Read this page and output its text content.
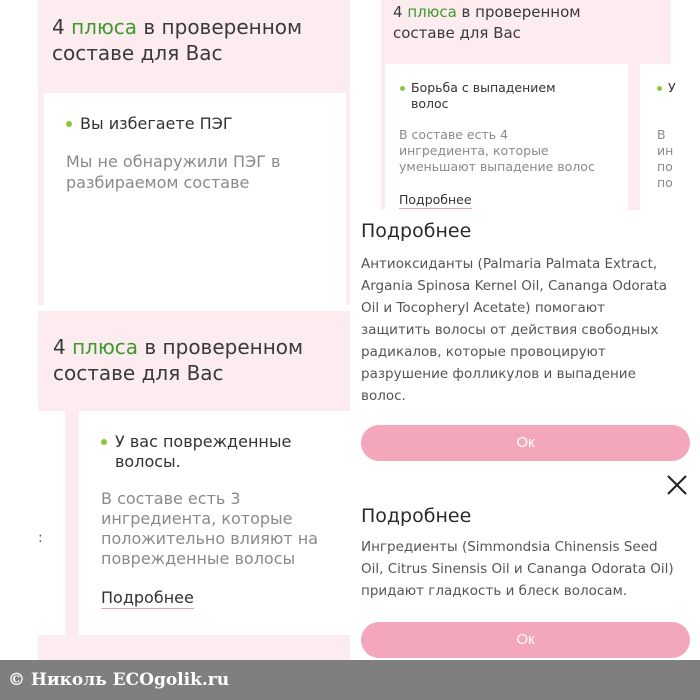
4 плюса в проверенном
составе для Вас
Вы избегаете ПЭГ
Мы не обнаружили ПЭГ в
разбираемом составе
4 плюса в проверенном
составе для Вас
:
У вас поврежденные
волосы.
В составе есть 3
ингредиента, которые
положительно влияют на
поврежденные волосы
Подробнее
4 плюса в проверенном
составе для Вас
Борьба с выпадением
волос
В составе есть 4
ингредиента, которые
уменьшают выпадение волос
Подробнее
У
В
ин
по
по
Подробнее
Антиоксиданты (Palmaria Palmata Extract,
Argania Spinosa Kernel Oil, Cananga Odorata
Oil и Tocopheryl Acetate) помогают
защитить волосы от действия свободных
радикалов, которые провоцируют
разрушение фолликулов и выпадение
волос.
Ок
Подробнее
Ингредиенты (Simmondsia Chinensis Seed
Oil, Citrus Sinensis Oil и Cananga Odorata Oil)
придают гладкость и блеск волосам.
Ок
© Николь ECOgolik.ru
